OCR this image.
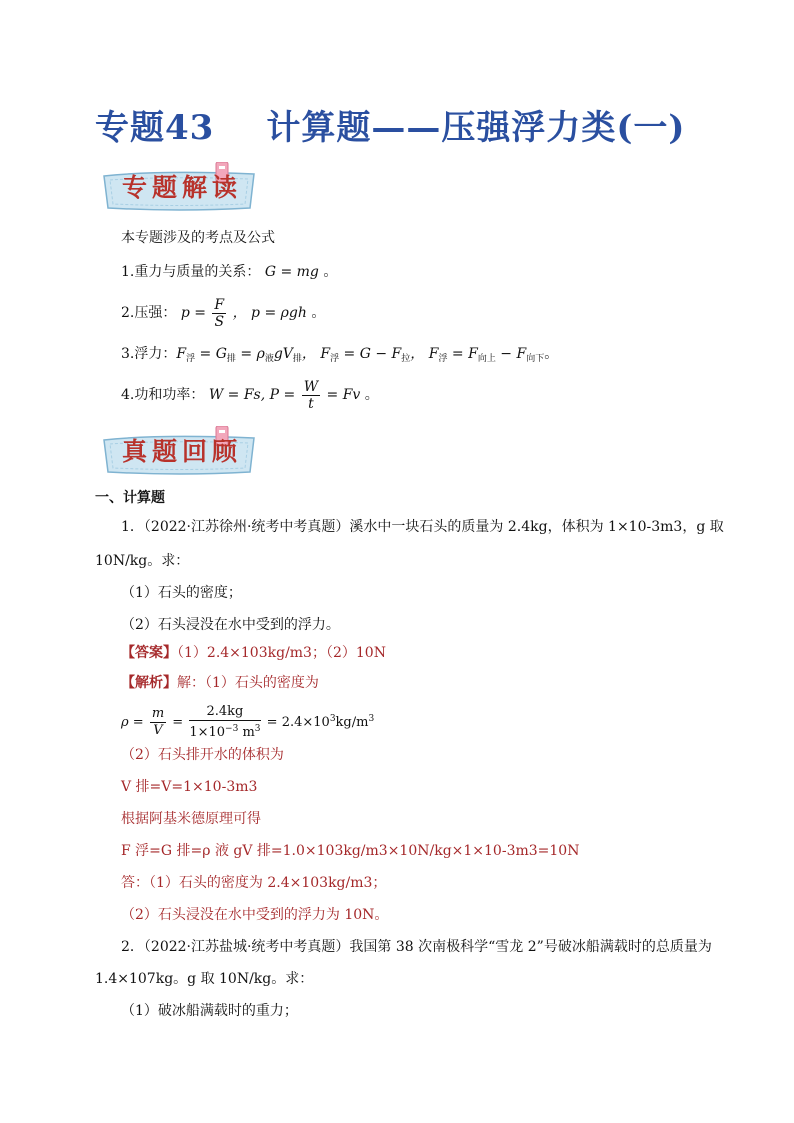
专题43 计算题——压强浮力类(一)
专题解读
本专题涉及的考点及公式
1.重力与质量的关系： G = mg 。
2.压强： $p = \frac{F}{S}$ ， p = ρgh 。
3.浮力：$F_浮 = G_排 = \rho_液gV_排$， $F_浮 = G - F_拉$， $F_浮 = F_{向上} - F_{向下}$。
4.功和功率： W = Fs, $P = \frac{W}{t} = Fv$ 。
真题回顾
一、计算题
1．（2022·江苏徐州·统考中考真题）溪水中一块石头的质量为 2.4kg，体积为 1×10-3m3，g 取
10N/kg。求：
（1）石头的密度；
（2）石头浸没在水中受到的浮力。
【答案】（1）2.4×103kg/m3；（2）10N
【解析】解：（1）石头的密度为
$\rho = \frac{m}{V} = \frac{2.4kg}{1\times 10^{-3} m^3} = 2.4\times 10^3kg/m^3$
（2）石头排开水的体积为
V 排=V=1×10-3m3
根据阿基米德原理可得
F 浮=G 排=ρ 液 gV 排=1.0×103kg/m3×10N/kg×1×10-3m3=10N
答：（1）石头的密度为 2.4×103kg/m3；
（2）石头浸没在水中受到的浮力为 10N。
2．（2022·江苏盐城·统考中考真题）我国第 38 次南极科学“雪龙 2”号破冰船满载时的总质量为
1.4×107kg。g 取 10N/kg。求：
（1）破冰船满载时的重力；
